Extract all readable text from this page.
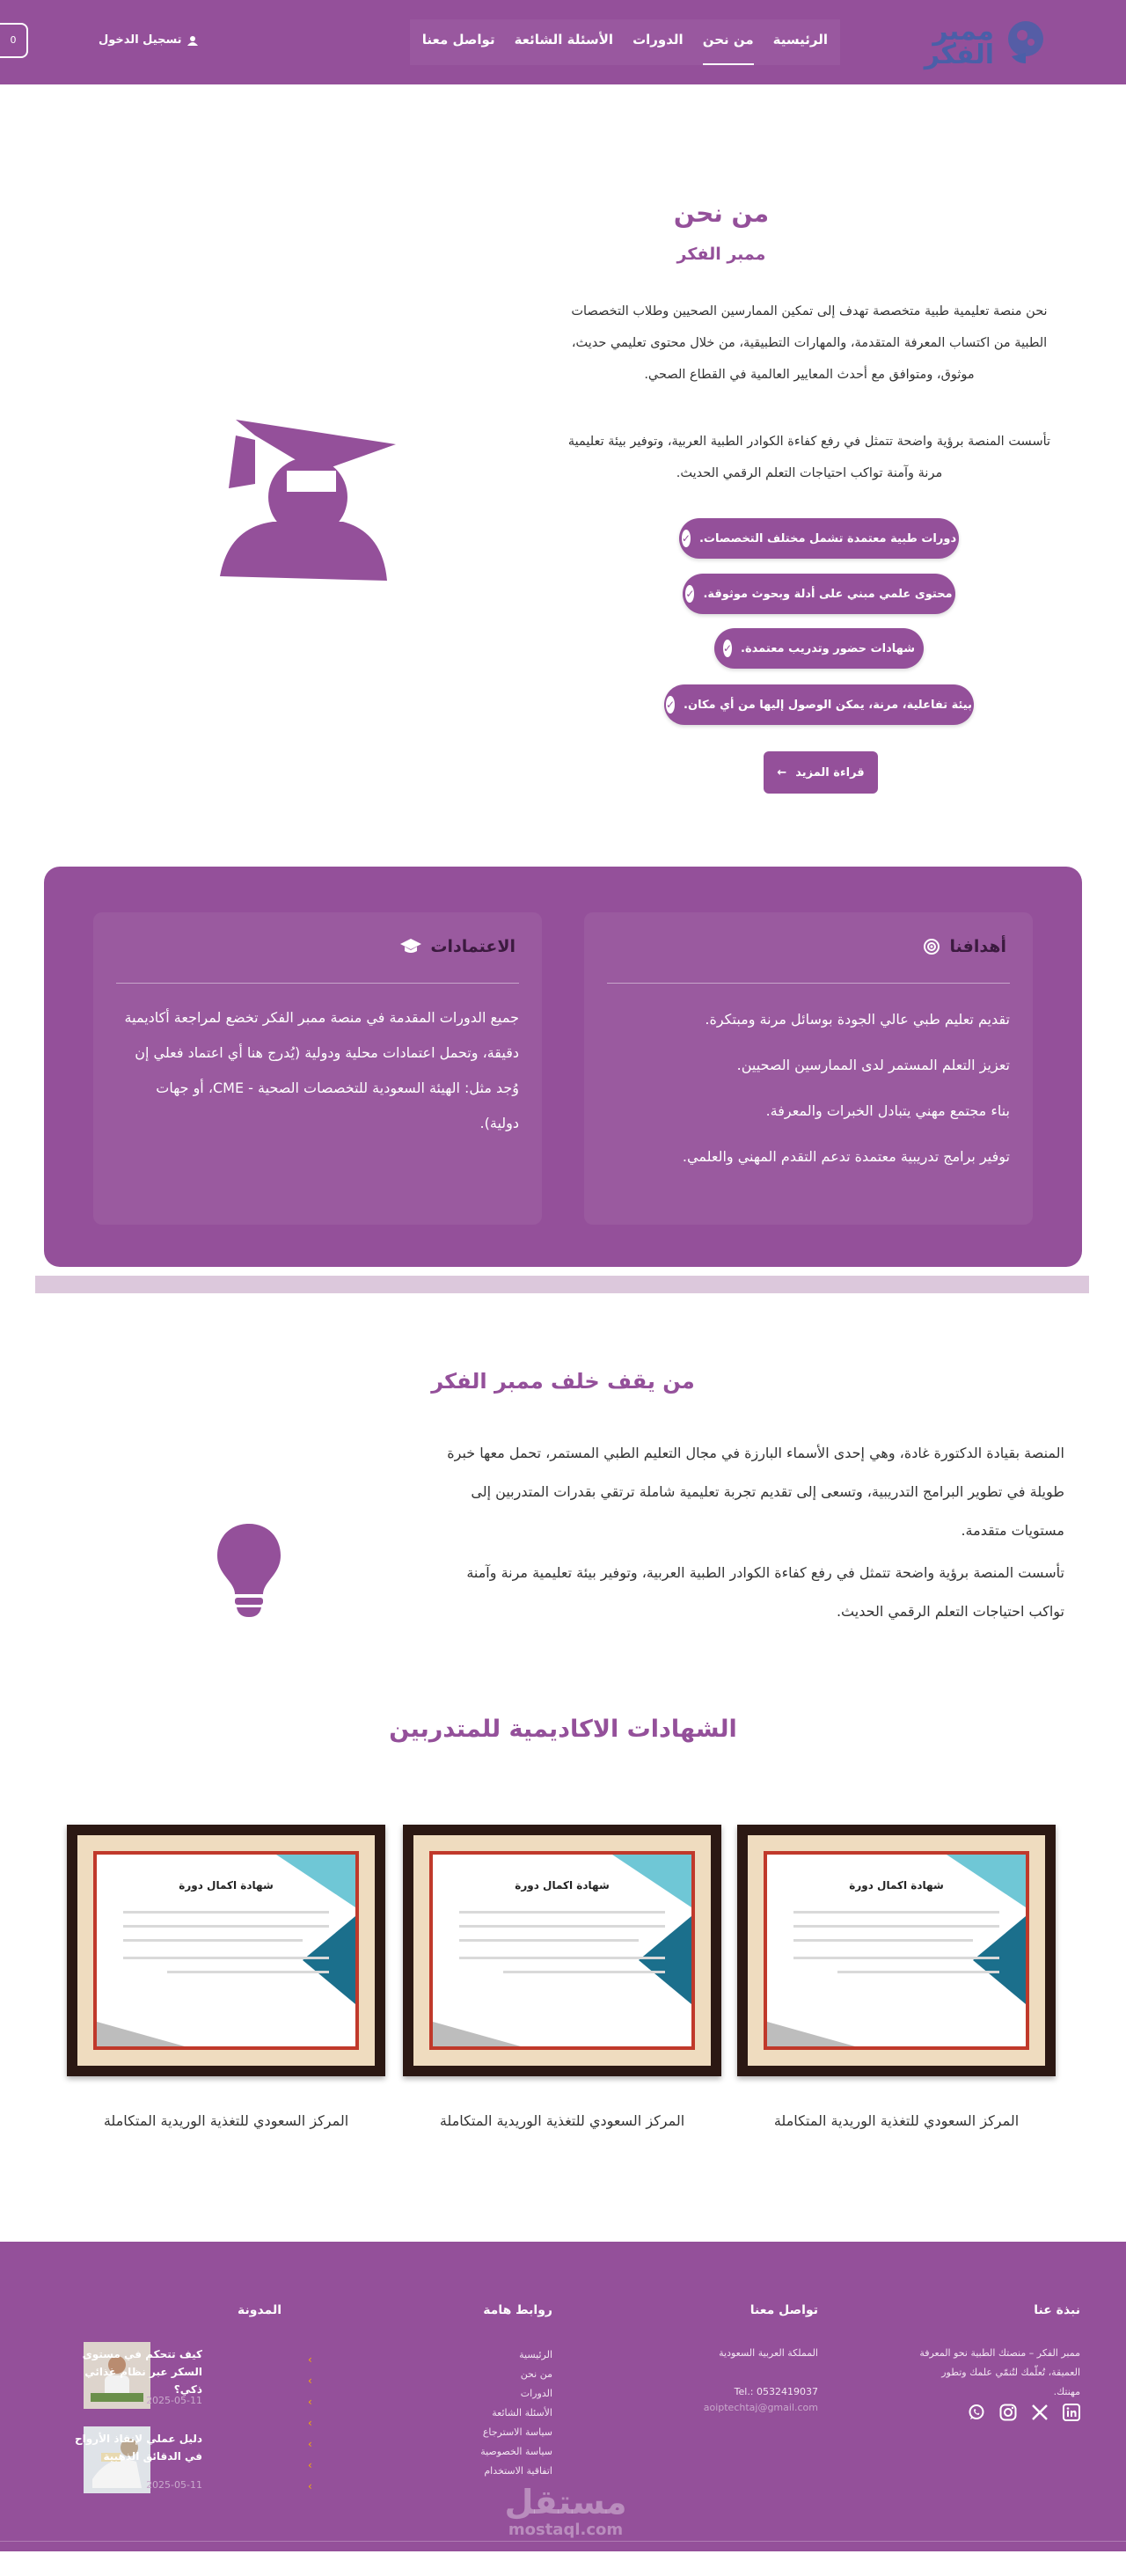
ممبر
الفكر
الرئيسية
من نحن
الدورات
الأسئلة الشائعة
تواصل معنا
تسجيل الدخول
0
من نحن
ممبر الفكر

نحن منصة تعليمية طبية متخصصة تهدف إلى تمكين الممارسين الصحيين وطلاب التخصصات الطبية من اكتساب المعرفة المتقدمة، والمهارات التطبيقية، من خلال محتوى تعليمي حديث، موثوق، ومتوافق مع أحدث المعايير العالمية في القطاع الصحي.

تأسست المنصة برؤية واضحة تتمثل في رفع كفاءة الكوادر الطبية العربية، وتوفير بيئة تعليمية مرنة وآمنة تواكب احتياجات التعلم الرقمي الحديث.

دورات طبية معتمدة تشمل مختلف التخصصات.
✓
محتوى علمي مبني على أدلة وبحوث موثوقة.
✓
شهادات حضور وتدريب معتمدة.
✓
بيئة تفاعلية، مرنة، يمكن الوصول إليها من أي مكان.
✓
قراءة المزيد
←
أهدافنا
تقديم تعليم طبي عالي الجودة بوسائل مرنة ومبتكرة.
تعزيز التعلم المستمر لدى الممارسين الصحيين.
بناء مجتمع مهني يتبادل الخبرات والمعرفة.
توفير برامج تدريبية معتمدة تدعم التقدم المهني والعلمي.
الاعتمادات

جميع الدورات المقدمة في منصة ممبر الفكر تخضع لمراجعة أكاديمية دقيقة، وتحمل اعتمادات محلية ودولية (يُدرج هنا أي اعتماد فعلي إن وُجد مثل: الهيئة السعودية للتخصصات الصحية - CME، أو جهات دولية).

من يقف خلف ممبر الفكر

المنصة بقيادة الدكتورة غادة، وهي إحدى الأسماء البارزة في مجال التعليم الطبي المستمر، تحمل معها خبرة طويلة في تطوير البرامج التدريبية، وتسعى إلى تقديم تجربة تعليمية شاملة ترتقي بقدرات المتدربين إلى مستويات متقدمة.

تأسست المنصة برؤية واضحة تتمثل في رفع كفاءة الكوادر الطبية العربية، وتوفير بيئة تعليمية مرنة وآمنة تواكب احتياجات التعلم الرقمي الحديث.

الشهادات الاكاديمية للمتدربين
شهادة اكمال دورة
شهادة اكمال دورة
شهادة اكمال دورة
المركز السعودي للتغذية الوريدية المتكاملة
المركز السعودي للتغذية الوريدية المتكاملة
المركز السعودي للتغذية الوريدية المتكاملة
نبذة عنا
ممبر الفكر – منصتك الطبية نحو المعرفة العميقة، تُعلّمك لتُنمّي علمك وتطور مهنتك.
تواصل معنا
المملكة العربية السعودية
Tel.: 0532419037
aoiptechtaj@gmail.com
روابط هامة
الرئيسية
من نحن
الدورات
الأسئلة الشائعة
سياسة الاسترجاع
سياسة الخصوصية
اتفاقية الاستخدام
›
›
›
›
›
›
›
المدونة
كيف تتحكم في مستوى السكر عبر نظام غذائي ذكي؟
2025-05-11
دليل عملي لإنقاذ الأرواح في الدقائق الذهبية
2025-05-11	مستقل
mostaql.com
جميع الحقوق محفوظة لـ ممبر الفكر 2025.
✕
